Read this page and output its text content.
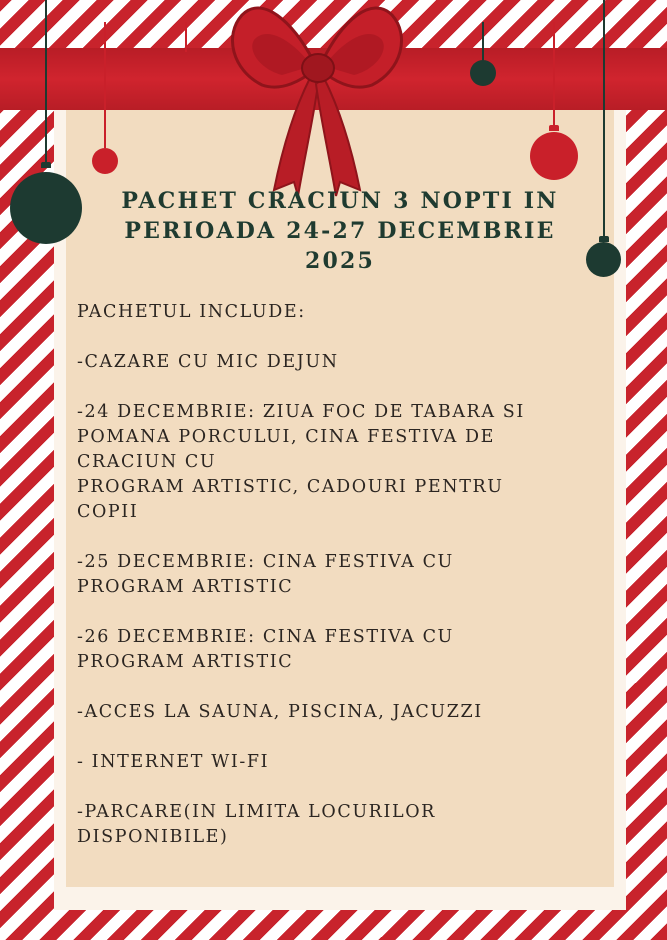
PACHET CRACIUN 3 NOPTI IN
PERIOADA 24-27 DECEMBRIE
2025

PACHETUL INCLUDE:

-CAZARE CU MIC DEJUN

-24 DECEMBRIE: ZIUA FOC DE TABARA SI
POMANA PORCULUI, CINA FESTIVA DE
CRACIUN CU
PROGRAM ARTISTIC, CADOURI PENTRU
COPII

-25 DECEMBRIE: CINA FESTIVA CU
PROGRAM ARTISTIC

-26 DECEMBRIE: CINA FESTIVA CU
PROGRAM ARTISTIC

-ACCES LA SAUNA, PISCINA, JACUZZI

- INTERNET WI-FI

-PARCARE(IN LIMITA LOCURILOR
DISPONIBILE)
